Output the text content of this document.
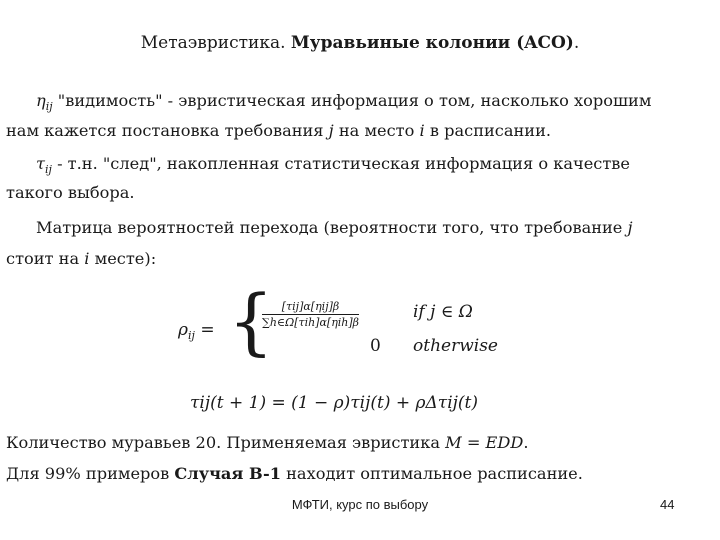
Метаэвристика. Муравьиные колонии (ACO).
$\eta_{ij}$ "видимость" - эвристическая информация о том, насколько хорошим
нам кажется постановка требования j на место i в расписании.
$\tau_{ij} - т.н$. "след", накопленная статистическая информация о качестве
такого выбора.
Матрица вероятностей перехода (вероятности того, что требование j
стоит на i месте):
$\rho_{ij}$ = { [τij]α[ηij]β
∑h∈Ω[τih]α[ηih]β
if j ∈ Ω
0 otherwise
τij(t + 1) = (1 − ρ)τij(t) + ρΔτij(t)
Количество муравьев 20. Применяемая эвристика M = EDD.
Для 99% примеров Случая B-1 находит оптимальное расписание.
МФТИ, курс по выбору	44
